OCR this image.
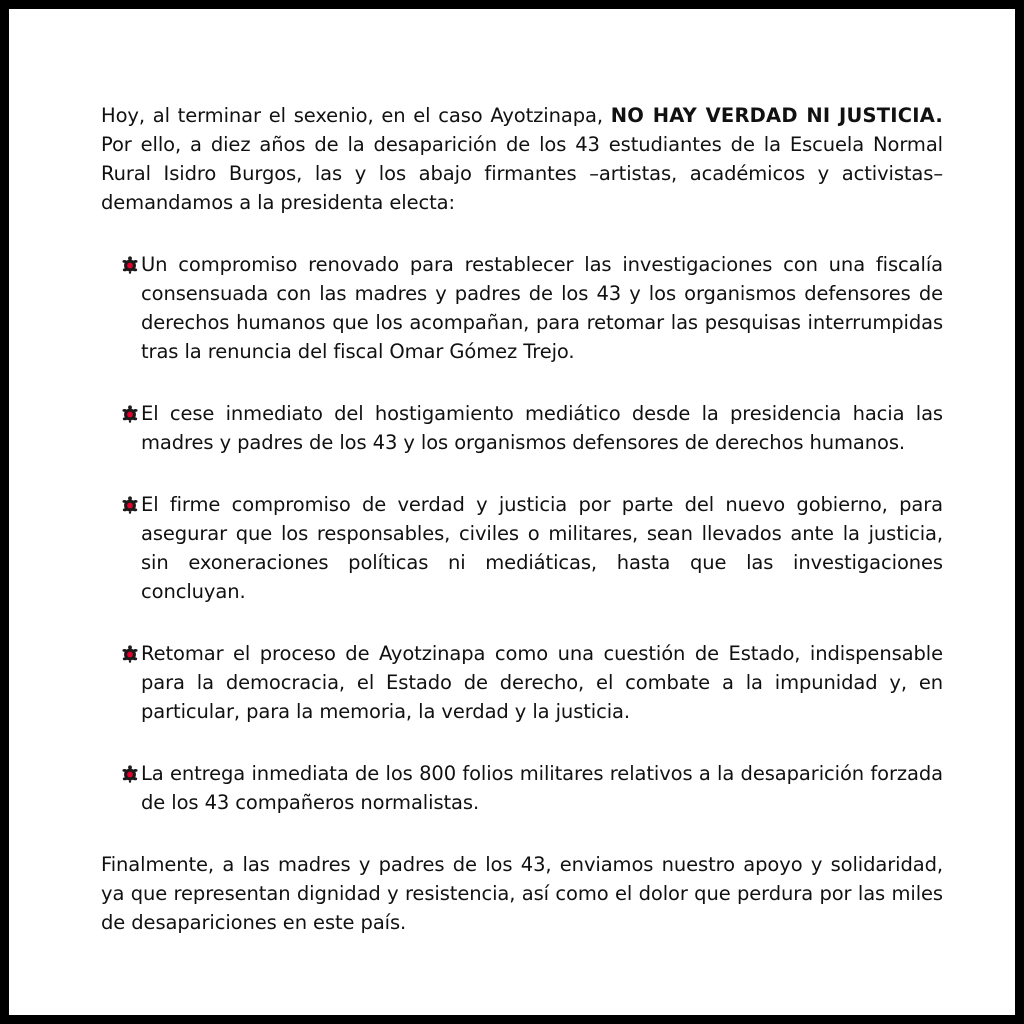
Hoy, al terminar el sexenio, en el caso Ayotzinapa, NO HAY VERDAD NI JUSTICIA. Por ello, a diez años de la desaparición de los 43 estudiantes de la Escuela Normal Rural Isidro Burgos, las y los abajo firmantes –artistas, académicos y activistas– demandamos a la presidenta electa:

Un compromiso renovado para restablecer las investigaciones con una fiscalía consensuada con las madres y padres de los 43 y los organismos defensores de derechos humanos que los acompañan, para retomar las pesquisas interrumpidas tras la renuncia del fiscal Omar Gómez Trejo.
El cese inmediato del hostigamiento mediático desde la presidencia hacia las madres y padres de los 43 y los organismos defensores de derechos humanos.
El firme compromiso de verdad y justicia por parte del nuevo gobierno, para asegurar que los responsables, civiles o militares, sean llevados ante la justicia, sin exoneraciones políticas ni mediáticas, hasta que las investigaciones concluyan.
Retomar el proceso de Ayotzinapa como una cuestión de Estado, indispensable para la democracia, el Estado de derecho, el combate a la impunidad y, en particular, para la memoria, la verdad y la justicia.
La entrega inmediata de los 800 folios militares relativos a la desaparición forzada de los 43 compañeros normalistas.

Finalmente, a las madres y padres de los 43, enviamos nuestro apoyo y solidaridad, ya que representan dignidad y resistencia, así como el dolor que perdura por las miles de desapariciones en este país.
